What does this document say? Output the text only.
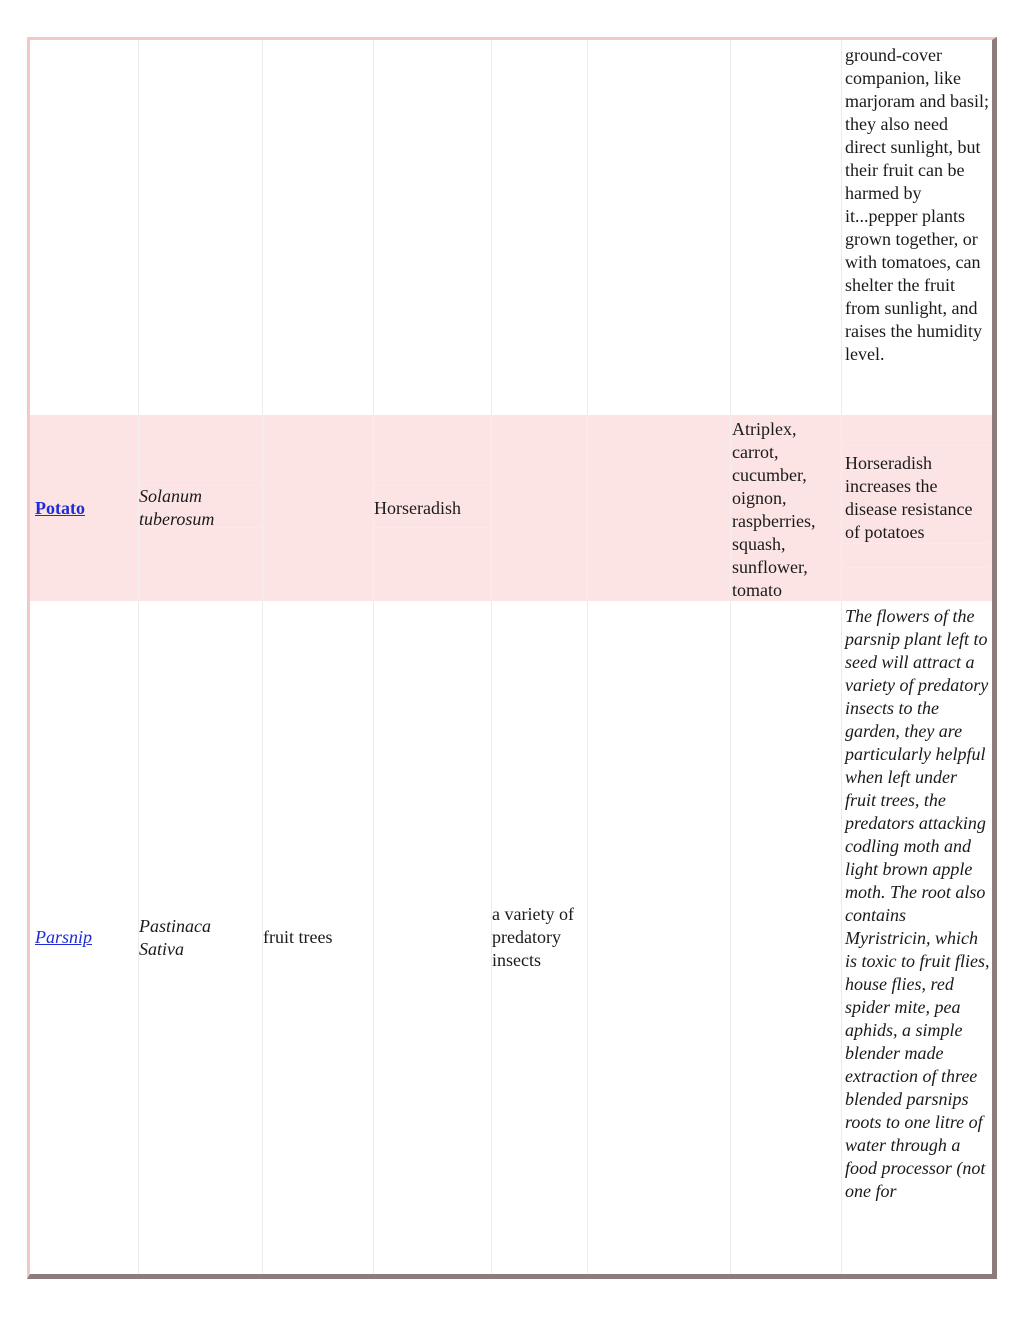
ground-cover companion, like marjoram and basil; they also need direct sunlight, but their fruit can be harmed by it...pepper plants grown together, or with tomatoes, can shelter the fruit from sunlight, and raises the humidity level.
Potato
Solanum tuberosum
Horseradish
Atriplex, carrot, cucumber, oignon, raspberries, squash, sunflower, tomato
Horseradish increases the disease resistance of potatoes
Parsnip
Pastinaca Sativa
fruit trees
a variety of predatory insects
The flowers of the parsnip plant left to seed will attract a variety of predatory insects to the garden, they are particularly helpful when left under fruit trees, the predators attacking codling moth and light brown apple moth. The root also contains Myristricin, which is toxic to fruit flies, house flies, red spider mite, pea aphids, a simple blender made extraction of three blended parsnips roots to one litre of water through a food processor (not one for
